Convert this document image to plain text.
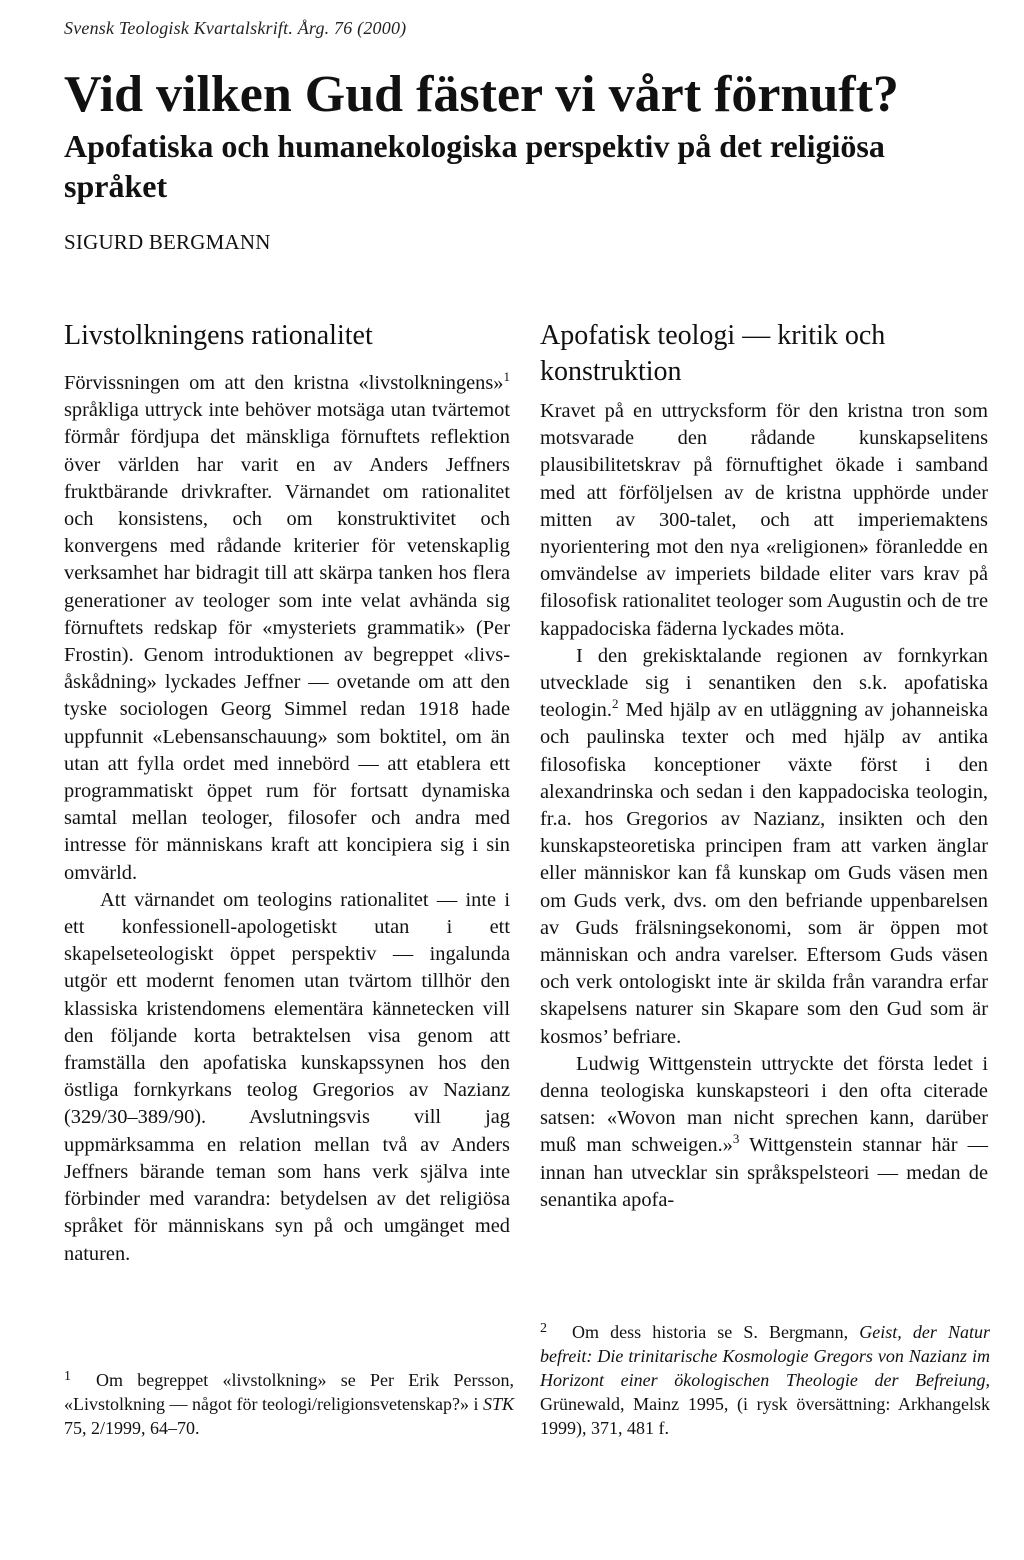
Svensk Teologisk Kvartalskrift. Årg. 76 (2000)
Vid vilken Gud fäster vi vårt förnuft?
Apofatiska och humanekologiska perspektiv på det religiösa språket
SIGURD BERGMANN
Livstolkningens rationalitet

Förvissningen om att den kristna «livstolkningens»$^1$ språkliga uttryck inte behöver motsäga utan tvärtemot förmår fördjupa det mänskliga förnuftets reflektion över världen har varit en av Anders Jeffners fruktbärande drivkrafter. Värnandet om rationalitet och konsistens, och om konstruktivitet och konvergens med rådande kriterier för vetenskaplig verksamhet har bidragit till att skärpa tanken hos flera generationer av teologer som inte velat avhända sig förnuftets redskap för «mysteriets grammatik» (Per Frostin). Genom introduktionen av begreppet «livsåskådning» lyckades Jeffner — ovetande om att den tyske sociologen Georg Simmel redan 1918 hade uppfunnit «Lebensanschauung» som boktitel, om än utan att fylla ordet med innebörd — att etablera ett programmatiskt öppet rum för fortsatt dynamiska samtal mellan teologer, filosofer och andra med intresse för människans kraft att koncipiera sig i sin omvärld.

Att värnandet om teologins rationalitet — inte i ett konfessionell-apologetiskt utan i ett skapelseteologiskt öppet perspektiv — ingalunda utgör ett modernt fenomen utan tvärtom tillhör den klassiska kristendomens elementära kännetecken vill den följande korta betraktelsen visa genom att framställa den apofatiska kunskapssynen hos den östliga fornkyrkans teolog Gregorios av Nazianz (329/30–389/90). Avslutningsvis vill jag uppmärksamma en relation mellan två av Anders Jeffners bärande teman som hans verk själva inte förbinder med varandra: betydelsen av det religiösa språket för människans syn på och umgänget med naturen.

Apofatisk teologi — kritik och konstruktion

Kravet på en uttrycksform för den kristna tron som motsvarade den rådande kunskapselitens plausibilitetskrav på förnuftighet ökade i samband med att förföljelsen av de kristna upphörde under mitten av 300-talet, och att imperiemaktens nyorientering mot den nya «religionen» föranledde en omvändelse av imperiets bildade eliter vars krav på filosofisk rationalitet teologer som Augustin och de tre kappadociska fäderna lyckades möta.

I den grekisktalande regionen av fornkyrkan utvecklade sig i senantiken den s.k. apofatiska teologin.$^2$ Med hjälp av en utläggning av johanneiska och paulinska texter och med hjälp av antika filosofiska konceptioner växte först i den alexandrinska och sedan i den kappadociska teologin, fr.a. hos Gregorios av Nazianz, insikten och den kunskapsteoretiska principen fram att varken änglar eller människor kan få kunskap om Guds väsen men om Guds verk, dvs. om den befriande uppenbarelsen av Guds frälsningsekonomi, som är öppen mot människan och andra varelser. Eftersom Guds väsen och verk ontologiskt inte är skilda från varandra erfar skapelsens naturer sin Skapare som den Gud som är kosmos’ befriare.

Ludwig Wittgenstein uttryckte det första ledet i denna teologiska kunskapsteori i den ofta citerade satsen: «Wovon man nicht sprechen kann, darüber muß man schweigen.»$^3$ Wittgenstein stannar här — innan han utvecklar sin språkspelsteori — medan de senantika apofa-

1 Om begreppet «livstolkning» se Per Erik Persson, «Livstolkning — något för teologi/religionsvetenskap?» i STK 75, 2/1999, 64–70.

2 Om dess historia se S. Bergmann, Geist, der Natur befreit: Die trinitarische Kosmologie Gregors von Nazianz im Horizont einer ökologischen Theologie der Befreiung, Grünewald, Mainz 1995, (i rysk översättning: Arkhangelsk 1999), 371, 481 f.
